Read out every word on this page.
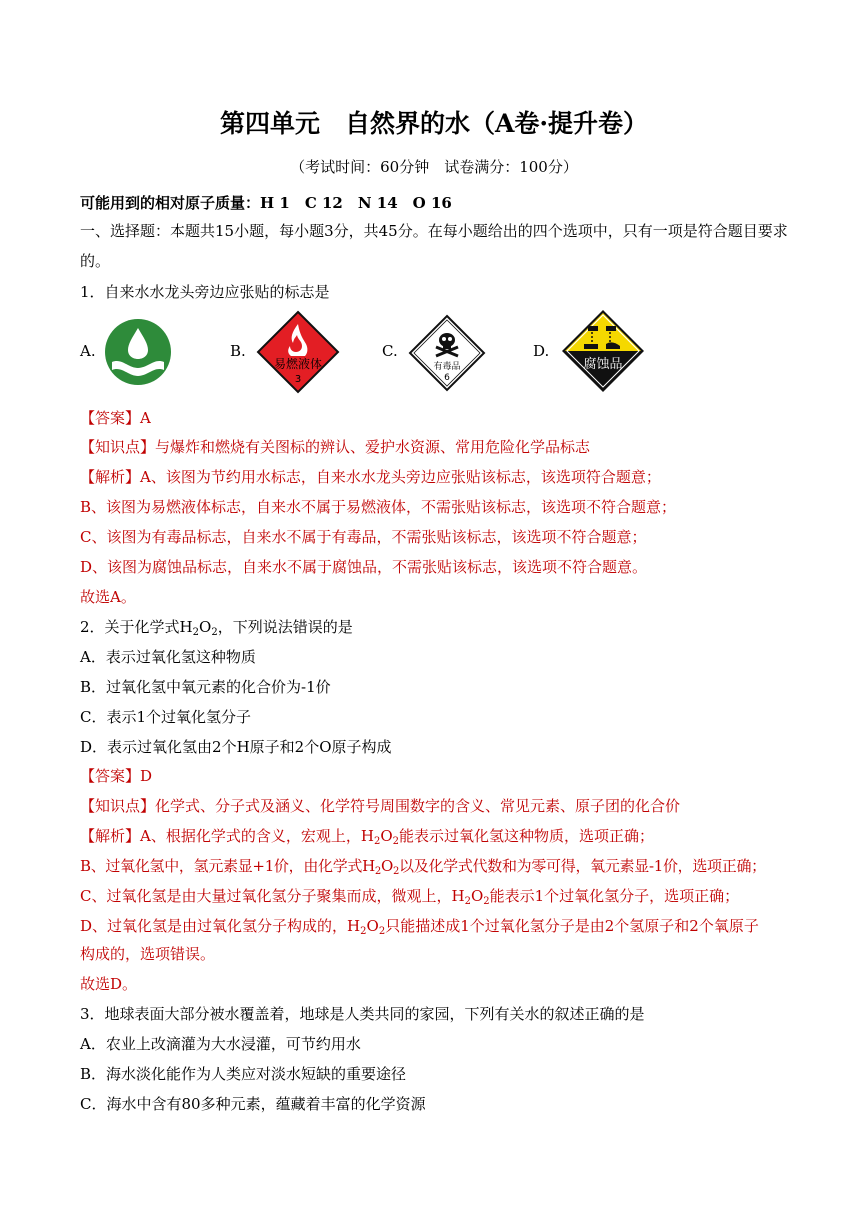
第四单元　自然界的水（A卷·提升卷）
（考试时间：60分钟　试卷满分：100分）
可能用到的相对原子质量：H 1　C 12　N 14　O 16
一、选择题：本题共15小题，每小题3分，共45分。在每小题给出的四个选项中，只有一项是符合题目要求的。
1．自来水水龙头旁边应张贴的标志是
A.	B.
易燃液体
3
C.
有毒品
6
D.
腐蚀品
【答案】A
【知识点】与爆炸和燃烧有关图标的辨认、爱护水资源、常用危险化学品标志
【解析】A、该图为节约用水标志，自来水水龙头旁边应张贴该标志，该选项符合题意；
B、该图为易燃液体标志，自来水不属于易燃液体，不需张贴该标志，该选项不符合题意；
C、该图为有毒品标志，自来水不属于有毒品，不需张贴该标志，该选项不符合题意；
D、该图为腐蚀品标志，自来水不属于腐蚀品，不需张贴该标志，该选项不符合题意。
故选A。
2．关于化学式$H_2O_2$，下列说法错误的是
A．表示过氧化氢这种物质
B．过氧化氢中氧元素的化合价为-1价
C．表示1个过氧化氢分子
D．表示过氧化氢由2个H原子和2个O原子构成
【答案】D
【知识点】化学式、分子式及涵义、化学符号周围数字的含义、常见元素、原子团的化合价
【解析】A、根据化学式的含义，宏观上，$H_2O_2$能表示过氧化氢这种物质，选项正确；
B、过氧化氢中，氢元素显+1价，由化学式$H_2O_2$以及化学式代数和为零可得，氧元素显-1价，选项正确；
C、过氧化氢是由大量过氧化氢分子聚集而成，微观上，$H_2O_2$能表示1个过氧化氢分子，选项正确；
D、过氧化氢是由过氧化氢分子构成的，$H_2O_2$只能描述成1个过氧化氢分子是由2个氢原子和2个氧原子
构成的，选项错误。
故选D。
3．地球表面大部分被水覆盖着，地球是人类共同的家园，下列有关水的叙述正确的是
A．农业上改滴灌为大水浸灌，可节约用水
B．海水淡化能作为人类应对淡水短缺的重要途径
C．海水中含有80多种元素，蕴藏着丰富的化学资源
